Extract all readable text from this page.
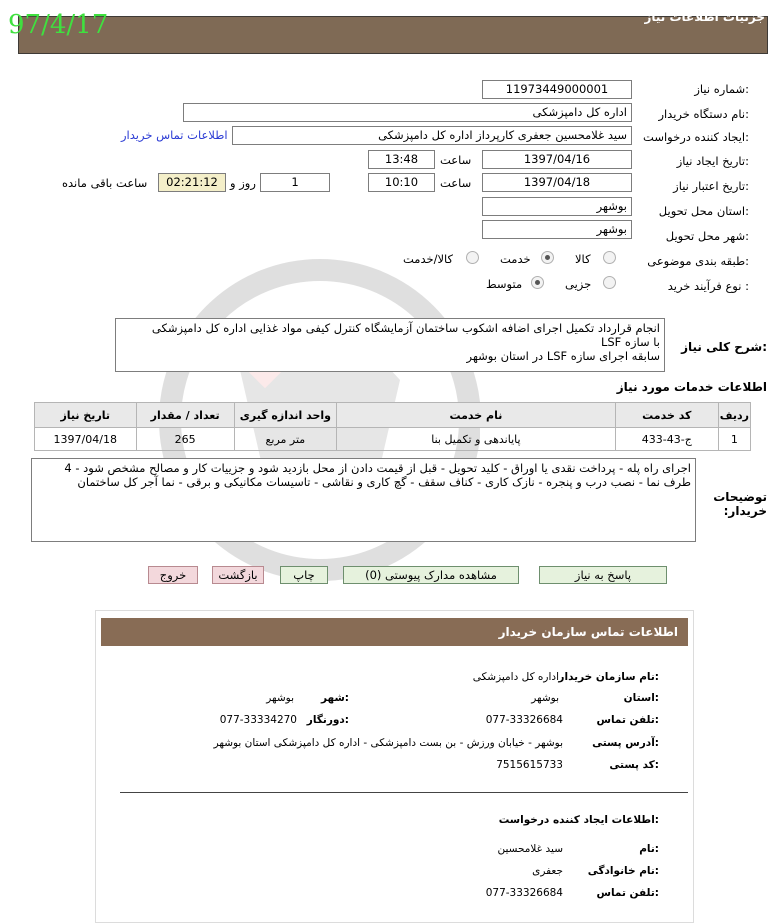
جزئیات اطلاعات نیاز
97/4/17
شماره نیاز:
11973449000001
نام دستگاه خریدار:
اداره کل دامپزشکی
ایجاد کننده درخواست:
سید غلامحسین جعفری کارپرداز اداره کل دامپزشکی
اطلاعات تماس خریدار
تاریخ ایجاد نیاز:
1397/04/16
ساعت
13:48
تاریخ اعتبار نیاز:
1397/04/18
ساعت
10:10
1
روز و
02:21:12
ساعت باقی مانده
استان محل تحویل:
بوشهر
شهر محل تحویل:
بوشهر
طبقه بندی موضوعی:
کالا
خدمت
کالا/خدمت
نوع فرآیند خرید :
جزیی
متوسط
شرح کلی نیاز:
انجام قرارداد تکمیل اجرای اضافه اشکوب ساختمان آزمایشگاه کنترل کیفی مواد غذایی اداره کل دامپزشکی
با سازه LSF
سابقه اجرای سازه LSF در استان بوشهر
اطلاعات خدمات مورد نیاز
تاریخ نیاز	تعداد / مقدار	واحد اندازه گیری	نام خدمت	کد خدمت	ردیف
1397/04/18	265	متر مربع	پایاندهی و تکمیل بنا	ج-43-433	1
توضیحات خریدار:
اجرای راه پله - پرداخت نقدی یا اوراق - کلید تحویل - قبل از قیمت دادن از محل بازدید شود و جزییات کار و مصالح مشخص شود - 4 طرف نما - نصب درب و پنجره - نازک کاری - کناف سقف - گچ کاری و نقاشی - تاسیسات مکانیکی و برقی - نما آجر کل ساختمان
پاسخ به نیاز
مشاهده مدارک پیوستی (0)
چاپ
بازگشت
خروج
اطلاعات تماس سازمان خریدار
نام سازمان خریدار:
اداره کل دامپزشکی
استان:
بوشهر
شهر:
بوشهر
تلفن تماس:
077-33326684
دورنگار:
077-33334270
آدرس پستی:
بوشهر - خیابان ورزش - بن بست دامپزشکی - اداره کل دامپزشکی استان بوشهر
کد پستی:
7515615733
اطلاعات ایجاد کننده درخواست:
نام:
سید غلامحسین
نام خانوادگی:
جعفری
تلفن تماس:
077-33326684
